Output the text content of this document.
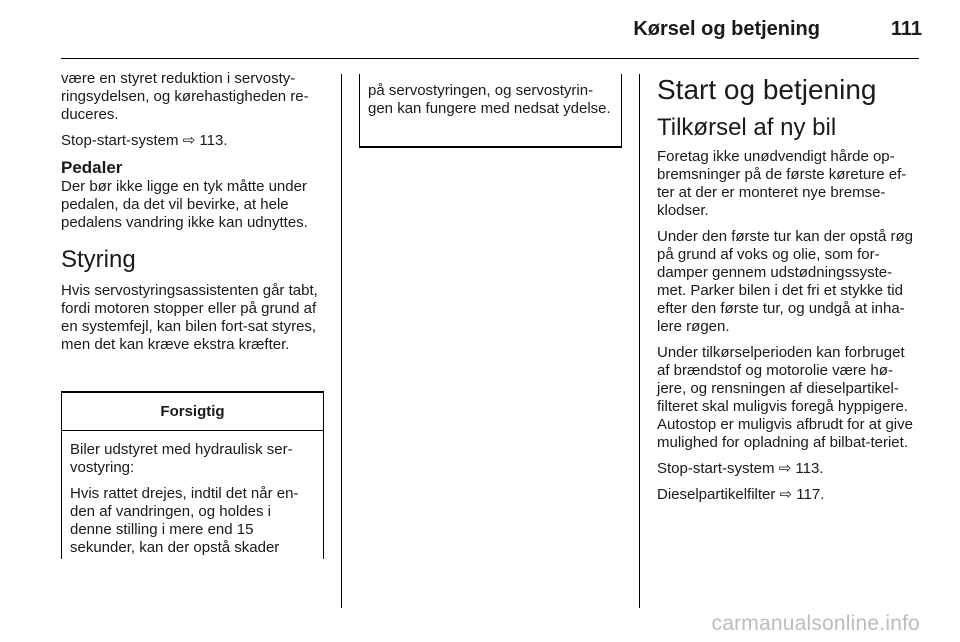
Kørsel og betjening	111

være en styret reduktion i servosty-ringsydelsen, og kørehastigheden re-duceres.

Stop-start-system ⇨ 113.

Pedaler

Der bør ikke ligge en tyk måtte under pedalen, da det vil bevirke, at hele pedalens vandring ikke kan udnyttes.

Styring

Hvis servostyringsassistenten går tabt, fordi motoren stopper eller på grund af en systemfejl, kan bilen fort-sat styres, men det kan kræve ekstra kræfter.

Forsigtig

Biler udstyret med hydraulisk ser-vostyring:

Hvis rattet drejes, indtil det når en-den af vandringen, og holdes i denne stilling i mere end 15 sekunder, kan der opstå skader

på servostyringen, og servostyrin-gen kan fungere med nedsat ydelse.
Start og betjening
Tilkørsel af ny bil

Foretag ikke unødvendigt hårde op-bremsninger på de første køreture ef-ter at der er monteret nye bremse-klodser.

Under den første tur kan der opstå røg på grund af voks og olie, som for-damper gennem udstødningssyste-met. Parker bilen i det fri et stykke tid efter den første tur, og undgå at inha-lere røgen.

Under tilkørselperioden kan forbruget af brændstof og motorolie være hø-jere, og rensningen af dieselpartikel-filteret skal muligvis foregå hyppigere. Autostop er muligvis afbrudt for at give mulighed for opladning af bilbat-teriet.

Stop-start-system ⇨ 113.

Dieselpartikelfilter ⇨ 117.

carmanualsonline.info
